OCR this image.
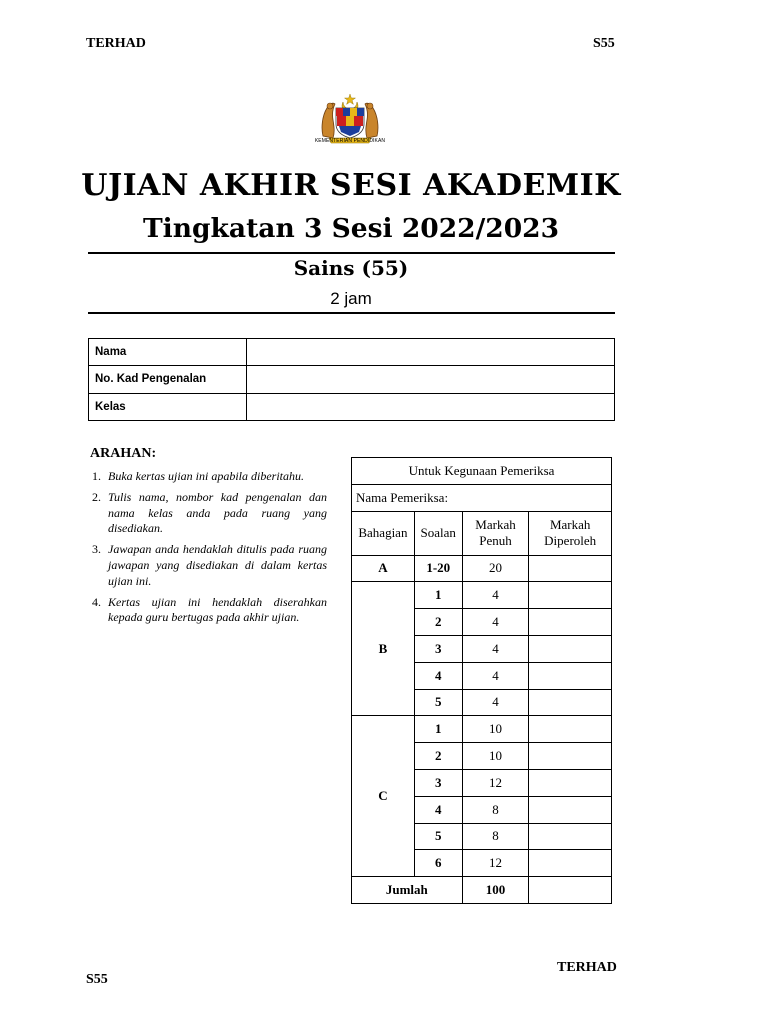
TERHAD	S55
KEMENTERIAN PENDIDIKAN
UJIAN AKHIR SESI AKADEMIK
Tingkatan 3 Sesi 2022/2023
Sains (55)
2 jam
Nama	
No. Kad Pengenalan	
Kelas	
ARAHAN:
1. Buka kertas ujian ini apabila diberitahu.
2. Tulis nama, nombor kad pengenalan dan nama kelas anda pada ruang yang disediakan.
3. Jawapan anda hendaklah ditulis pada ruang jawapan yang disediakan di dalam kertas ujian ini.
4. Kertas ujian ini hendaklah diserahkan kepada guru bertugas pada akhir ujian.
Untuk Kegunaan Pemeriksa			
Nama Pemeriksa:			
Bahagian	Soalan	Markah Penuh	Markah Diperoleh
A	1-20	20	
B	1	4	
	2	4	
	3	4	
	4	4	
	5	4	
C	1	10	
	2	10	
	3	12	
	4	8	
	5	8	
	6	12	
Jumlah		100	
S55
TERHAD
